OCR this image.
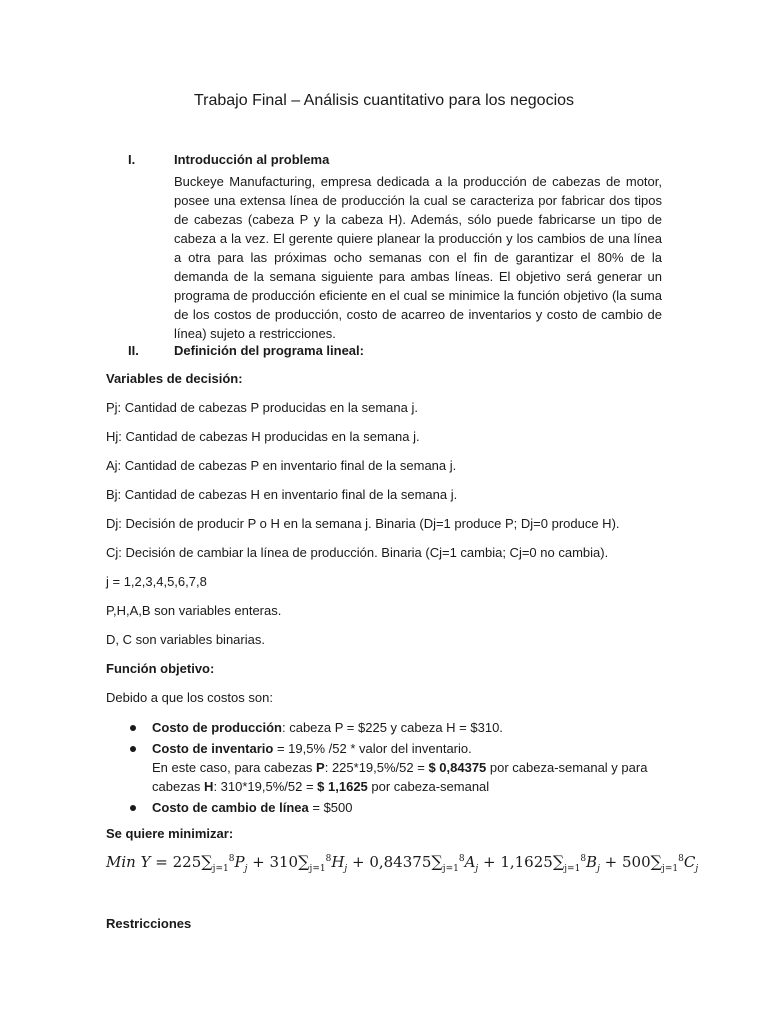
Trabajo Final – Análisis cuantitativo para los negocios
I.	Introducción al problema
Buckeye Manufacturing, empresa dedicada a la producción de cabezas de motor, posee una extensa línea de producción la cual se caracteriza por fabricar dos tipos de cabezas (cabeza P y la cabeza H). Además, sólo puede fabricarse un tipo de cabeza a la vez. El gerente quiere planear la producción y los cambios de una línea a otra para las próximas ocho semanas con el fin de garantizar el 80% de la demanda de la semana siguiente para ambas líneas. El objetivo será generar un programa de producción eficiente en el cual se minimice la función objetivo (la suma de los costos de producción, costo de acarreo de inventarios y costo de cambio de línea) sujeto a restricciones.
II.	Definición del programa lineal:
Variables de decisión:
Pj: Cantidad de cabezas P producidas en la semana j.
Hj: Cantidad de cabezas H producidas en la semana j.
Aj: Cantidad de cabezas P en inventario final de la semana j.
Bj: Cantidad de cabezas H en inventario final de la semana j.
Dj: Decisión de producir P o H en la semana j. Binaria (Dj=1 produce P; Dj=0 produce H).
Cj: Decisión de cambiar la línea de producción. Binaria (Cj=1 cambia; Cj=0 no cambia).
j = 1,2,3,4,5,6,7,8
P,H,A,B son variables enteras.
D, C son variables binarias.
Función objetivo:
Debido a que los costos son:
Costo de producción: cabeza P = $225 y cabeza H = $310.
Costo de inventario = 19,5% /52 * valor del inventario.
En este caso, para cabezas P: 225*19,5%/52 = $ 0,84375 por cabeza-semanal y para
cabezas H: 310*19,5%/52 = $ 1,1625 por cabeza-semanal
Costo de cambio de línea = $500
Se quiere minimizar:
Min $Y = 225\sum_{j=1}^8P_j + 310\sum_{j=1}^8H_j + 0,84375\sum_{j=1}^8A_j + 1,1625\sum_{j=1}^8B_j + 500\sum_{j=1}^8C_j$
Restricciones
